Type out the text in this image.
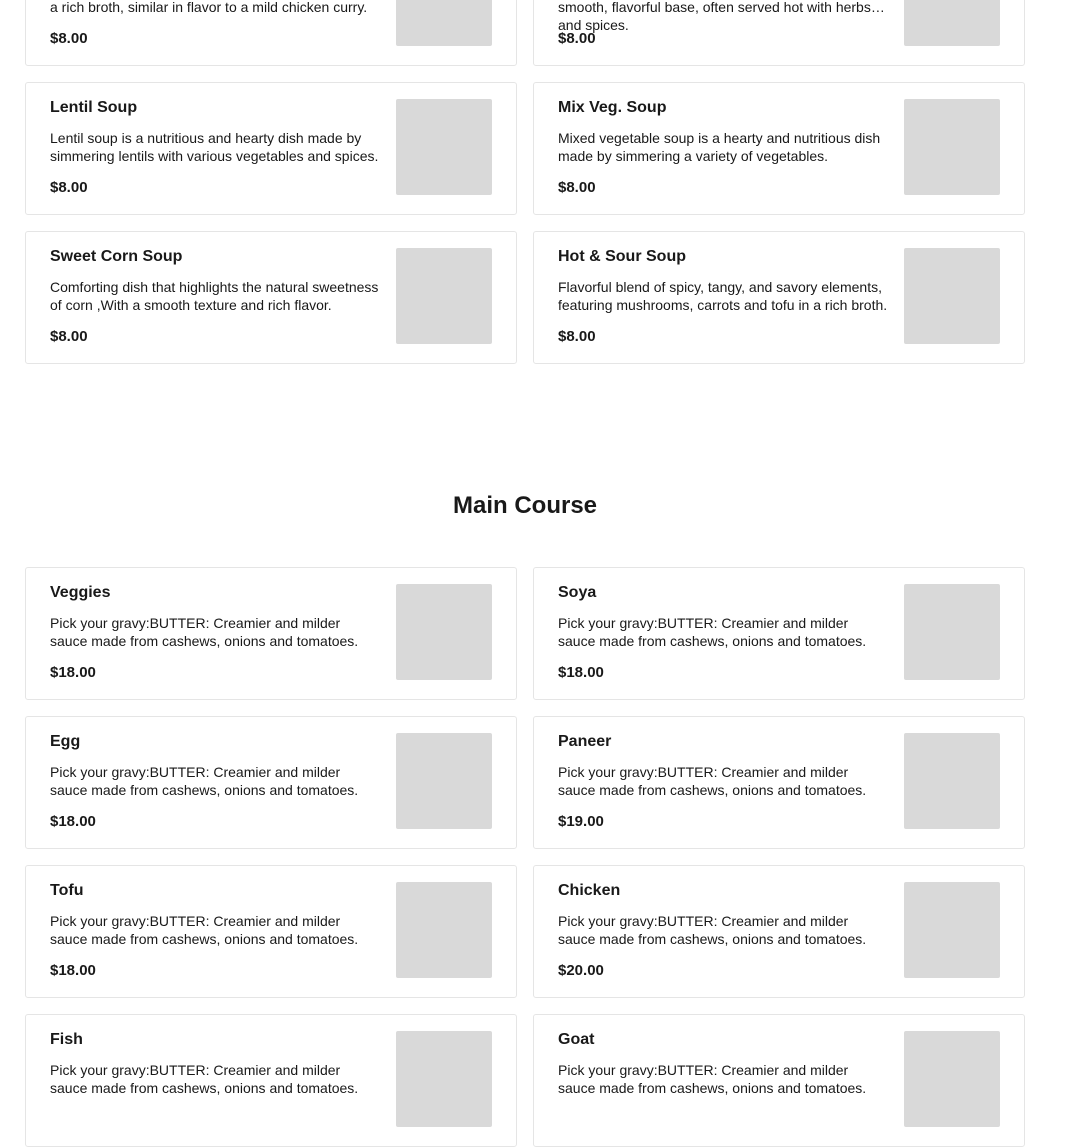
a rich broth, similar in flavor to a mild chicken curry.
$8.00
smooth, flavorful base, often served hot with herbs and spices.
$8.00
Lentil Soup
Lentil soup is a nutritious and hearty dish made by simmering lentils with various vegetables and spices.
$8.00
Mix Veg. Soup
Mixed vegetable soup is a hearty and nutritious dish made by simmering a variety of vegetables.
$8.00
Sweet Corn Soup
Comforting dish that highlights the natural sweetness of corn ,With a smooth texture and rich flavor.
$8.00
Hot & Sour Soup
Flavorful blend of spicy, tangy, and savory elements, featuring mushrooms, carrots and tofu in a rich broth.
$8.00
Main Course
Veggies
Pick your gravy:BUTTER: Creamier and milder sauce made from cashews, onions and tomatoes.
$18.00
Soya
Pick your gravy:BUTTER: Creamier and milder sauce made from cashews, onions and tomatoes.
$18.00
Egg
Pick your gravy:BUTTER: Creamier and milder sauce made from cashews, onions and tomatoes.
$18.00
Paneer
Pick your gravy:BUTTER: Creamier and milder sauce made from cashews, onions and tomatoes.
$19.00
Tofu
Pick your gravy:BUTTER: Creamier and milder sauce made from cashews, onions and tomatoes.
$18.00
Chicken
Pick your gravy:BUTTER: Creamier and milder sauce made from cashews, onions and tomatoes.
$20.00
Fish
Pick your gravy:BUTTER: Creamier and milder sauce made from cashews, onions and tomatoes.
Goat
Pick your gravy:BUTTER: Creamier and milder sauce made from cashews, onions and tomatoes.
